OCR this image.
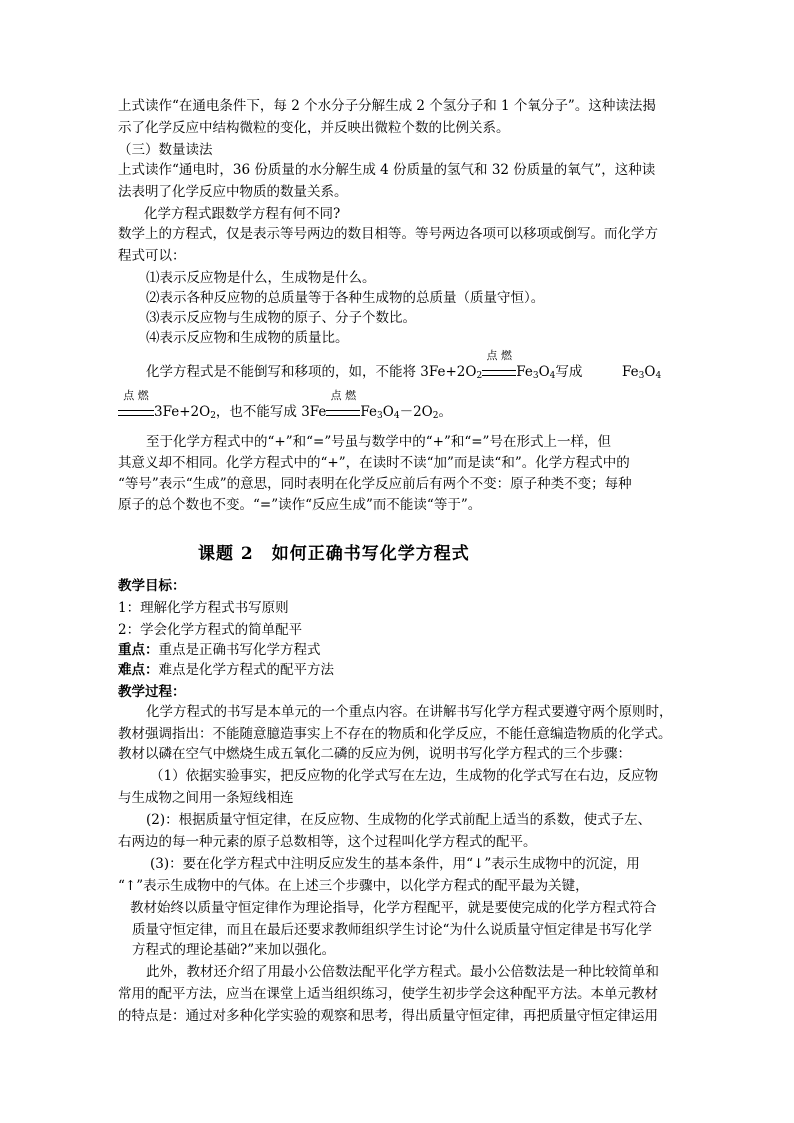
上式读作“在通电条件下，每 2 个水分子分解生成 2 个氢分子和 1 个氧分子”。这种读法揭
示了化学反应中结构微粒的变化，并反映出微粒个数的比例关系。
（三）数量读法
上式读作“通电时，36 份质量的水分解生成 4 份质量的氢气和 32 份质量的氧气”，这种读
法表明了化学反应中物质的数量关系。
化学方程式跟数学方程有何不同?
数学上的方程式，仅是表示等号两边的数目相等。等号两边各项可以移项或倒写。而化学方
程式可以：
⑴表示反应物是什么，生成物是什么。
⑵表示各种反应物的总质量等于各种生成物的总质量（质量守恒）。
⑶表示反应物与生成物的原子、分子个数比。
⑷表示反应物和生成物的质量比。
化学方程式是不能倒写和移项的，如，不能将 $3Fe+2O_2$
点 燃
$Fe_3O_4$写成	$Fe_3O_4$
点 燃
$3Fe+2O_2$，也不能写成 3Fe
点 燃
$Fe_3O_4-2O_2$。
至于化学方程式中的“+”和“=”号虽与数学中的“+”和“=”号在形式上一样，但
其意义却不相同。化学方程式中的“+”，在读时不读“加”而是读“和”。化学方程式中的
“等号”表示“生成”的意思，同时表明在化学反应前后有两个不变：原子种类不变；每种
原子的总个数也不变。“=”读作“反应生成”而不能读“等于”。
课题 2　如何正确书写化学方程式
教学目标：
1：理解化学方程式书写原则
2：学会化学方程式的简单配平
重点：重点是正确书写化学方程式
难点：难点是化学方程式的配平方法
教学过程：
化学方程式的书写是本单元的一个重点内容。在讲解书写化学方程式要遵守两个原则时，
教材强调指出：不能随意臆造事实上不存在的物质和化学反应，不能任意编造物质的化学式。
教材以磷在空气中燃烧生成五氧化二磷的反应为例，说明书写化学方程式的三个步骤：
（1）依据实验事实，把反应物的化学式写在左边，生成物的化学式写在右边，反应物
与生成物之间用一条短线相连
(2)：根据质量守恒定律，在反应物、生成物的化学式前配上适当的系数，使式子左、
右两边的每一种元素的原子总数相等，这个过程叫化学方程式的配平。
(3)：要在化学方程式中注明反应发生的基本条件，用“↓”表示生成物中的沉淀，用
“↑”表示生成物中的气体。在上述三个步骤中，以化学方程式的配平最为关键，
教材始终以质量守恒定律作为理论指导，化学方程配平，就是要使完成的化学方程式符合
质量守恒定律，而且在最后还要求教师组织学生讨论“为什么说质量守恒定律是书写化学
方程式的理论基础?”来加以强化。
此外，教材还介绍了用最小公倍数法配平化学方程式。最小公倍数法是一种比较简单和
常用的配平方法，应当在课堂上适当组织练习，使学生初步学会这种配平方法。本单元教材
的特点是：通过对多种化学实验的观察和思考，得出质量守恒定律，再把质量守恒定律运用
